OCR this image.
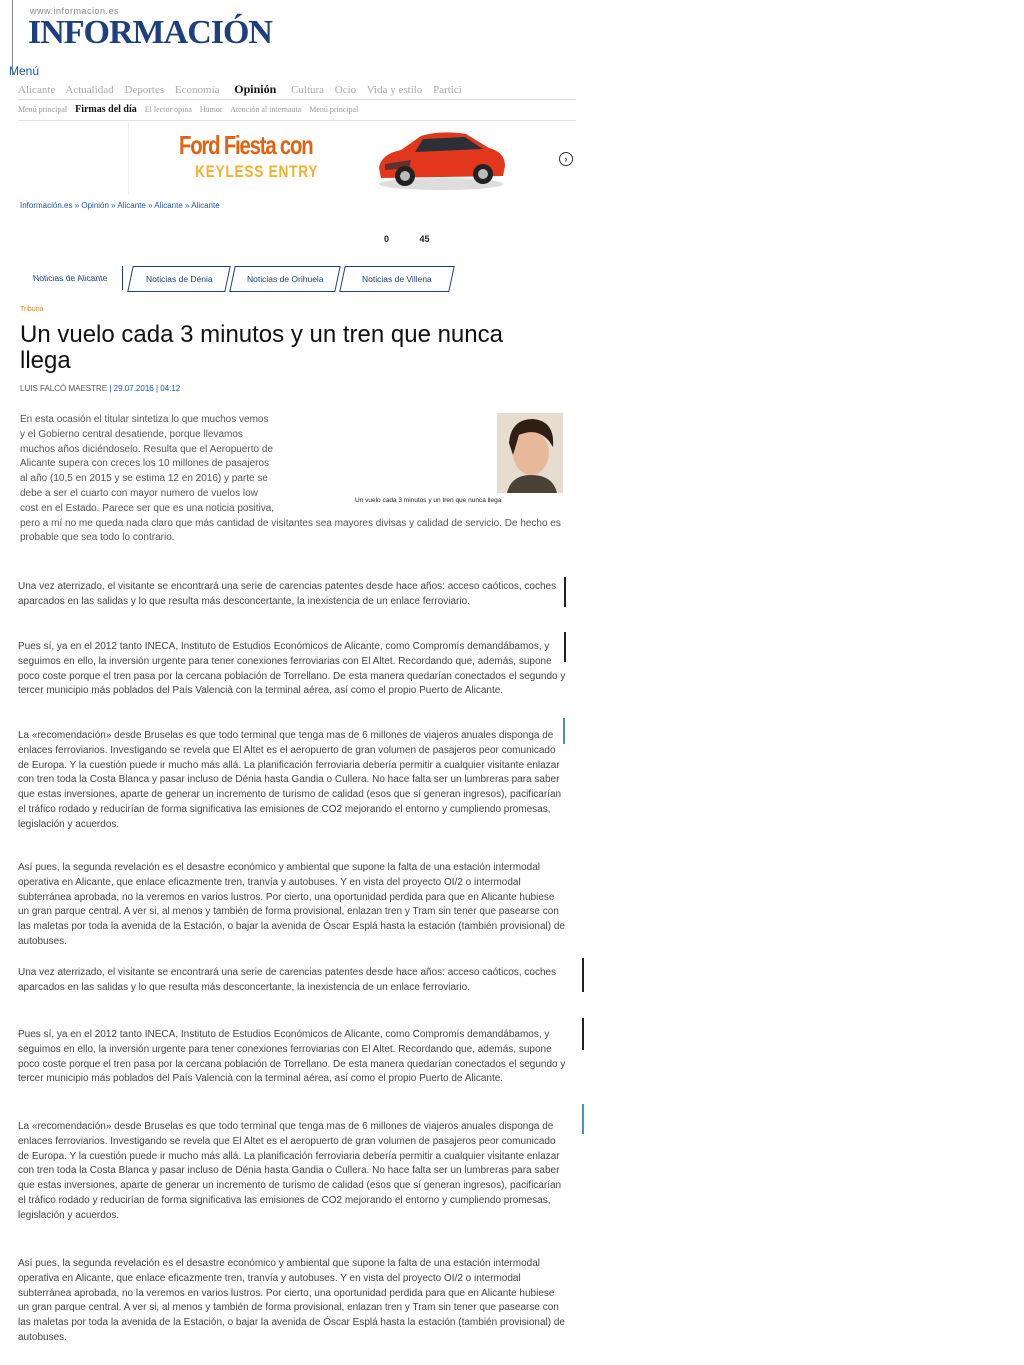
www.informacion.es
INFORMACIÓN
Menú
Alicante Actualidad Deportes Economía Opinión Cultura Ocio Vida y estilo Partici
Menú principal Firmas del día El lector opina Humor Atención al internauta Menú principal
Ford Fiesta con
KEYLESS ENTRY
›
Información.es » Opinión » Alicante » Alicante » Alicante
0	45
Noticias de Alicante	Noticias de Dénia	Noticias de Orihuela	Noticias de Villena
Tribuna
Un vuelo cada 3 minutos y un tren que nunca llega
LUIS FALCÓ MAESTRE | 29.07.2016 | 04:12
Un vuelo cada 3 minutos y un tren que nunca llega
En esta ocasión el titular sintetiza lo que muchos vemos y el Gobierno central desatiende, porque llevamos muchos años diciéndoselo. Resulta que el Aeropuerto de Alicante supera con creces los 10 millones de pasajeros al año (10,5 en 2015 y se estima 12 en 2016) y parte se debe a ser el cuarto con mayor numero de vuelos low cost en el Estado. Parece ser que es una noticia positiva, pero a mí no me queda nada claro que más cantidad de visitantes sea mayores divisas y calidad de servicio. De hecho es probable que sea todo lo contrario.

Una vez aterrizado, el visitante se encontrará una serie de carencias patentes desde hace años: acceso caóticos, coches aparcados en las salidas y lo que resulta más desconcertante, la inexistencia de un enlace ferroviario.

Pues sí, ya en el 2012 tanto INECA, Instituto de Estudios Económicos de Alicante, como Compromís demandábamos, y seguimos en ello, la inversión urgente para tener conexiones ferroviarias con El Altet. Recordando que, además, supone poco coste porque el tren pasa por la cercana población de Torrellano. De esta manera quedarían conectados el segundo y tercer municipio más poblados del País Valencià con la terminal aérea, así como el propio Puerto de Alicante.

La «recomendación» desde Bruselas es que todo terminal que tenga mas de 6 millones de viajeros anuales disponga de enlaces ferroviarios. Investigando se revela que El Altet es el aeropuerto de gran volumen de pasajeros peor comunicado de Europa. Y la cuestión puede ir mucho más allá. La planificación ferroviaria debería permitir a cualquier visitante enlazar con tren toda la Costa Blanca y pasar incluso de Dénia hasta Gandia o Cullera. No hace falta ser un lumbreras para saber que estas inversiones, aparte de generar un incremento de turismo de calidad (esos que sí generan ingresos), pacificarían el tráfico rodado y reducirían de forma significativa las emisiones de CO2 mejorando el entorno y cumpliendo promesas, legislación y acuerdos.

Así pues, la segunda revelación es el desastre económico y ambiental que supone la falta de una estación intermodal operativa en Alicante, que enlace eficazmente tren, tranvía y autobuses. Y en vista del proyecto OI/2 o intermodal subterránea aprobada, no la veremos en varios lustros. Por cierto, una oportunidad perdida para que en Alicante hubiese un gran parque central. A ver si, al menos y también de forma provisional, enlazan tren y Tram sin tener que pasearse con las maletas por toda la avenida de la Estación, o bajar la avenida de Óscar Esplá hasta la estación (también provisional) de autobuses.

Una vez aterrizado, el visitante se encontrará una serie de carencias patentes desde hace años: acceso caóticos, coches aparcados en las salidas y lo que resulta más desconcertante, la inexistencia de un enlace ferroviario.

Pues sí, ya en el 2012 tanto INECA, Instituto de Estudios Económicos de Alicante, como Compromís demandábamos, y seguimos en ello, la inversión urgente para tener conexiones ferroviarias con El Altet. Recordando que, además, supone poco coste porque el tren pasa por la cercana población de Torrellano. De esta manera quedarían conectados el segundo y tercer municipio más poblados del País Valencià con la terminal aérea, así como el propio Puerto de Alicante.

La «recomendación» desde Bruselas es que todo terminal que tenga mas de 6 millones de viajeros anuales disponga de enlaces ferroviarios. Investigando se revela que El Altet es el aeropuerto de gran volumen de pasajeros peor comunicado de Europa. Y la cuestión puede ir mucho más allá. La planificación ferroviaria debería permitir a cualquier visitante enlazar con tren toda la Costa Blanca y pasar incluso de Dénia hasta Gandia o Cullera. No hace falta ser un lumbreras para saber que estas inversiones, aparte de generar un incremento de turismo de calidad (esos que sí generan ingresos), pacificarían el tráfico rodado y reducirían de forma significativa las emisiones de CO2 mejorando el entorno y cumpliendo promesas, legislación y acuerdos.

Así pues, la segunda revelación es el desastre económico y ambiental que supone la falta de una estación intermodal operativa en Alicante, que enlace eficazmente tren, tranvía y autobuses. Y en vista del proyecto OI/2 o intermodal subterránea aprobada, no la veremos en varios lustros. Por cierto, una oportunidad perdida para que en Alicante hubiese un gran parque central. A ver si, al menos y también de forma provisional, enlazan tren y Tram sin tener que pasearse con las maletas por toda la avenida de la Estación, o bajar la avenida de Óscar Esplá hasta la estación (también provisional) de autobuses.
